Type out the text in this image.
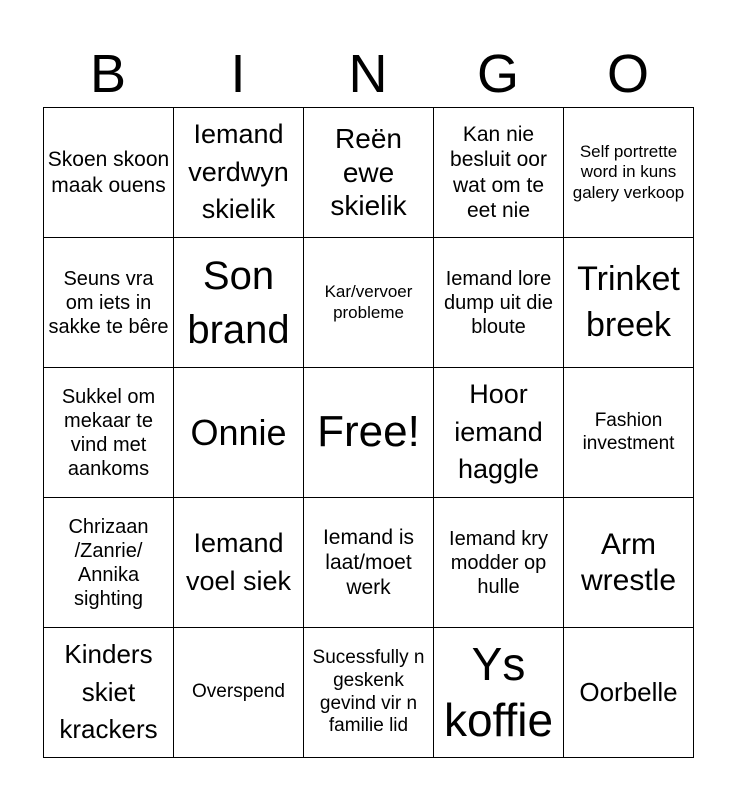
B	I	N	G	O
Skoen skoon maak ouens	Iemand verdwyn skielik	Reën ewe skielik	Kan nie besluit oor wat om te eet nie	Self portrette word in kuns galery verkoop
Seuns vra om iets in sakke te bêre	Son brand	Kar/vervoer probleme	Iemand lore dump uit die bloute	Trinket breek
Sukkel om mekaar te vind met aankoms	Onnie	Free!	Hoor iemand haggle	Fashion investment
Chrizaan /Zanrie/ Annika sighting	Iemand voel siek	Iemand is laat/moet werk	Iemand kry modder op hulle	Arm wrestle
Kinders skiet krackers	Overspend	Sucessfully n geskenk gevind vir n familie lid	Ys koffie	Oorbelle
